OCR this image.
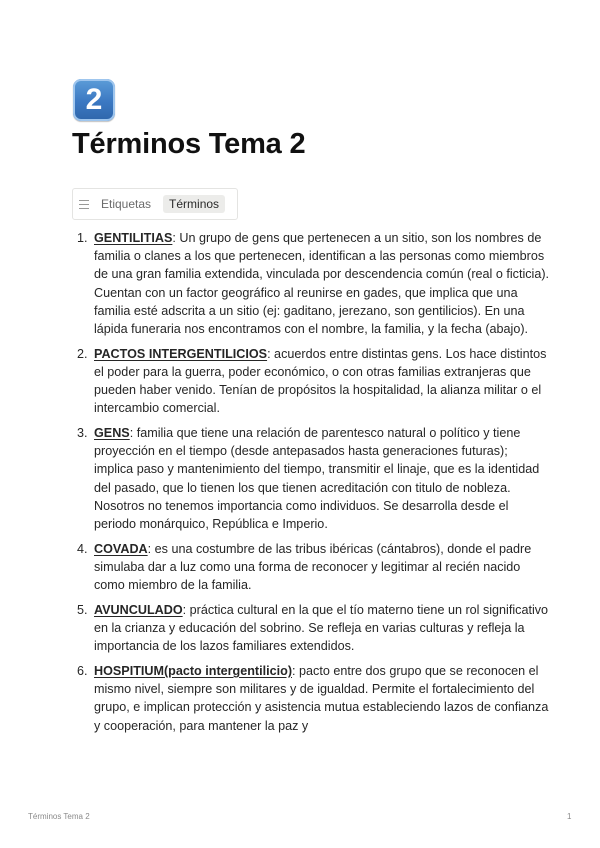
2
Términos Tema 2
Etiquetas	Términos
1. GENTILITIAS: Un grupo de gens que pertenecen a un sitio, son los nombres de familia o clanes a los que pertenecen, identifican a las personas como miembros de una gran familia extendida, vinculada por descendencia común (real o ficticia). Cuentan con un factor geográfico al reunirse en gades, que implica que una familia esté adscrita a un sitio (ej: gaditano, jerezano, son gentilicios). En una lápida funeraria nos encontramos con el nombre, la familia, y la fecha (abajo).
2. PACTOS INTERGENTILICIOS: acuerdos entre distintas gens. Los hace distintos el poder para la guerra, poder económico, o con otras familias extranjeras que pueden haber venido. Tenían de propósitos la hospitalidad, la alianza militar o el intercambio comercial.
3. GENS: familia que tiene una relación de parentesco natural o político y tiene proyección en el tiempo (desde antepasados hasta generaciones futuras); implica paso y mantenimiento del tiempo, transmitir el linaje, que es la identidad del pasado, que lo tienen los que tienen acreditación con titulo de nobleza. Nosotros no tenemos importancia como individuos. Se desarrolla desde el periodo monárquico, República e Imperio.
4. COVADA: es una costumbre de las tribus ibéricas (cántabros), donde el padre simulaba dar a luz como una forma de reconocer y legitimar al recién nacido como miembro de la familia.
5. AVUNCULADO: práctica cultural en la que el tío materno tiene un rol significativo en la crianza y educación del sobrino. Se refleja en varias culturas y refleja la importancia de los lazos familiares extendidos.
6. HOSPITIUM(pacto intergentilicio): pacto entre dos grupo que se reconocen el mismo nivel, siempre son militares y de igualdad. Permite el fortalecimiento del grupo, e implican protección y asistencia mutua estableciendo lazos de confianza y cooperación, para mantener la paz y
Términos Tema 2	1
